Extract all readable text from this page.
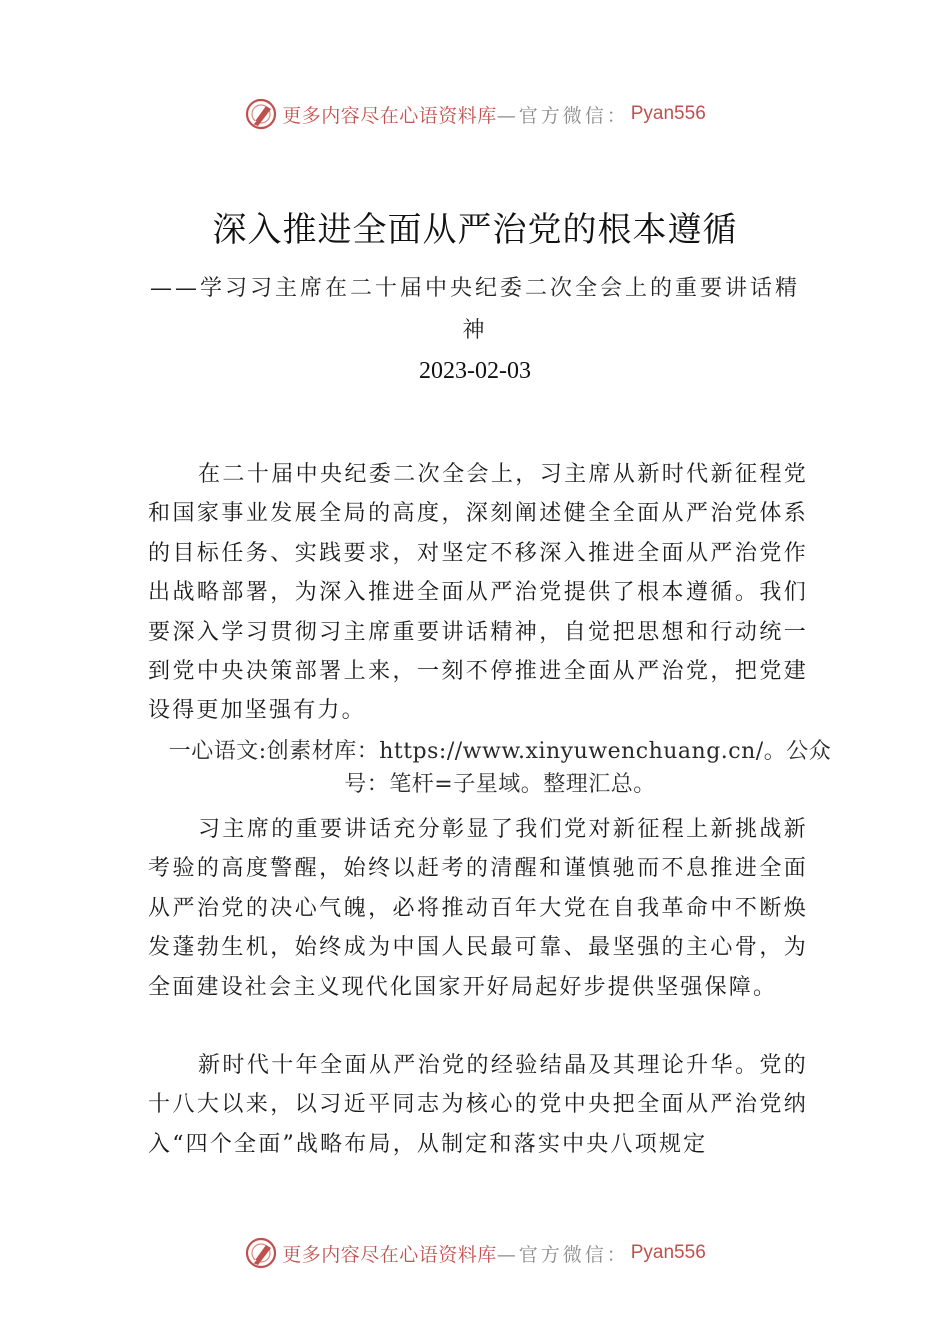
更多内容尽在心语资料库 —官方微信： Pyan556
深入推进全面从严治党的根本遵循
——学习习主席在二十届中央纪委二次全会上的重要讲话精神
2023-02-03

在二十届中央纪委二次全会上，习主席从新时代新征程党和国家事业发展全局的高度，深刻阐述健全全面从严治党体系的目标任务、实践要求，对坚定不移深入推进全面从严治党作出战略部署，为深入推进全面从严治党提供了根本遵循。我们要深入学习贯彻习主席重要讲话精神，自觉把思想和行动统一到党中央决策部署上来，一刻不停推进全面从严治党，把党建设得更加坚强有力。

一心语文:创素材库：https://www.xinyuwenchuang.cn/。公众号：笔杆=子星域。整理汇总。

习主席的重要讲话充分彰显了我们党对新征程上新挑战新考验的高度警醒，始终以赶考的清醒和谨慎驰而不息推进全面从严治党的决心气魄，必将推动百年大党在自我革命中不断焕发蓬勃生机，始终成为中国人民最可靠、最坚强的主心骨，为全面建设社会主义现代化国家开好局起好步提供坚强保障。

新时代十年全面从严治党的经验结晶及其理论升华。党的十八大以来，以习近平同志为核心的党中央把全面从严治党纳入“四个全面”战略布局，从制定和落实中央八项规定

更多内容尽在心语资料库 —官方微信： Pyan556
